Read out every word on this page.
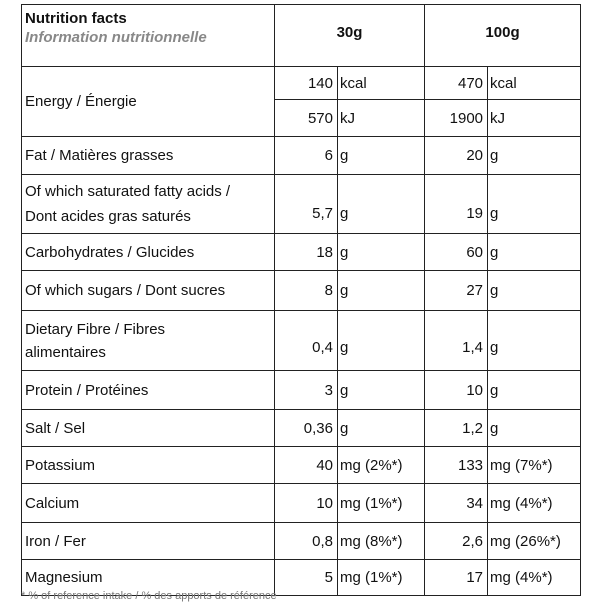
Nutrition facts
Information nutritionnelle	30g		100g	
Energy / Énergie	140	kcal	470	kcal
	570	kJ	1900	kJ
Fat / Matières grasses	6	g	20	g

Of which saturated fatty acids /
Dont acides gras saturés	5,7	g	19	g
Carbohydrates / Glucides	18	g	60	g
Of which sugars / Dont sucres	8	g	27	g

Dietary Fibre / Fibres
alimentaires	0,4	g	1,4	g
Protein / Protéines	3	g	10	g
Salt / Sel	0,36	g	1,2	g
Potassium	40	mg (2%*)	133	mg (7%*)
Calcium	10	mg (1%*)	34	mg (4%*)
Iron / Fer	0,8	mg (8%*)	2,6	mg (26%*)
Magnesium	5	mg (1%*)	17	mg (4%*)
* % of reference intake / % des apports de référence
